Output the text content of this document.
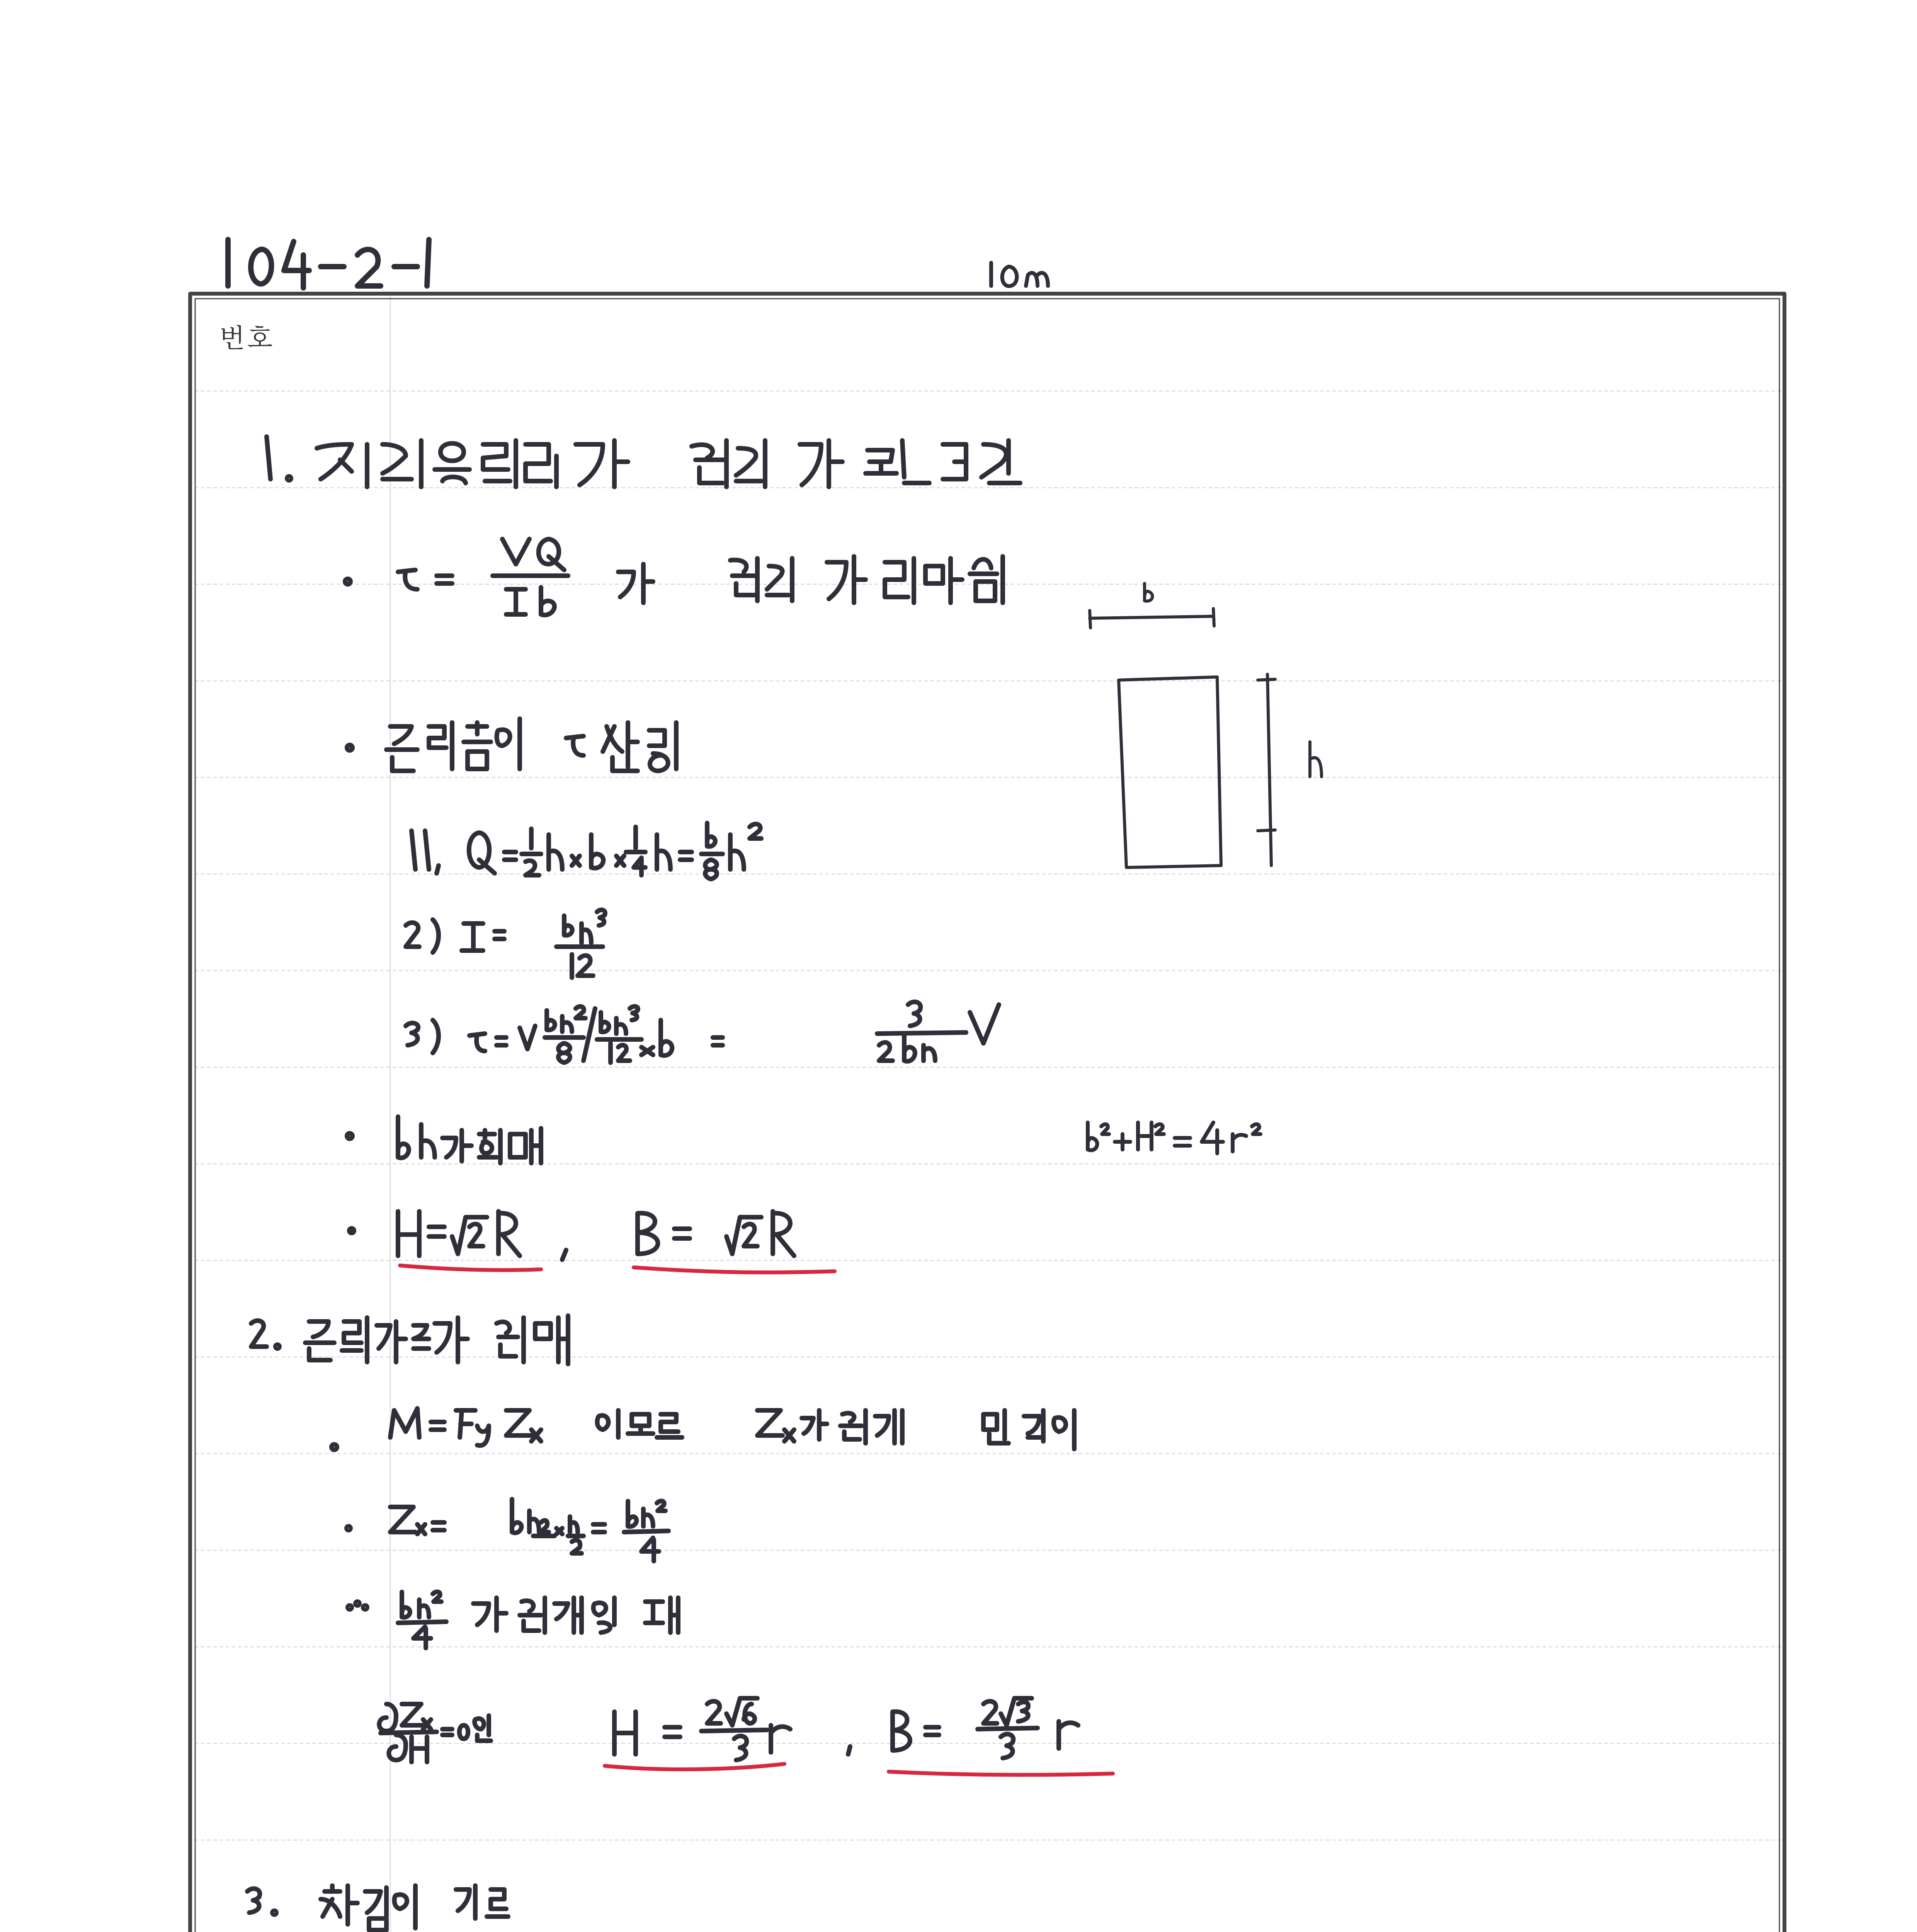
번호
